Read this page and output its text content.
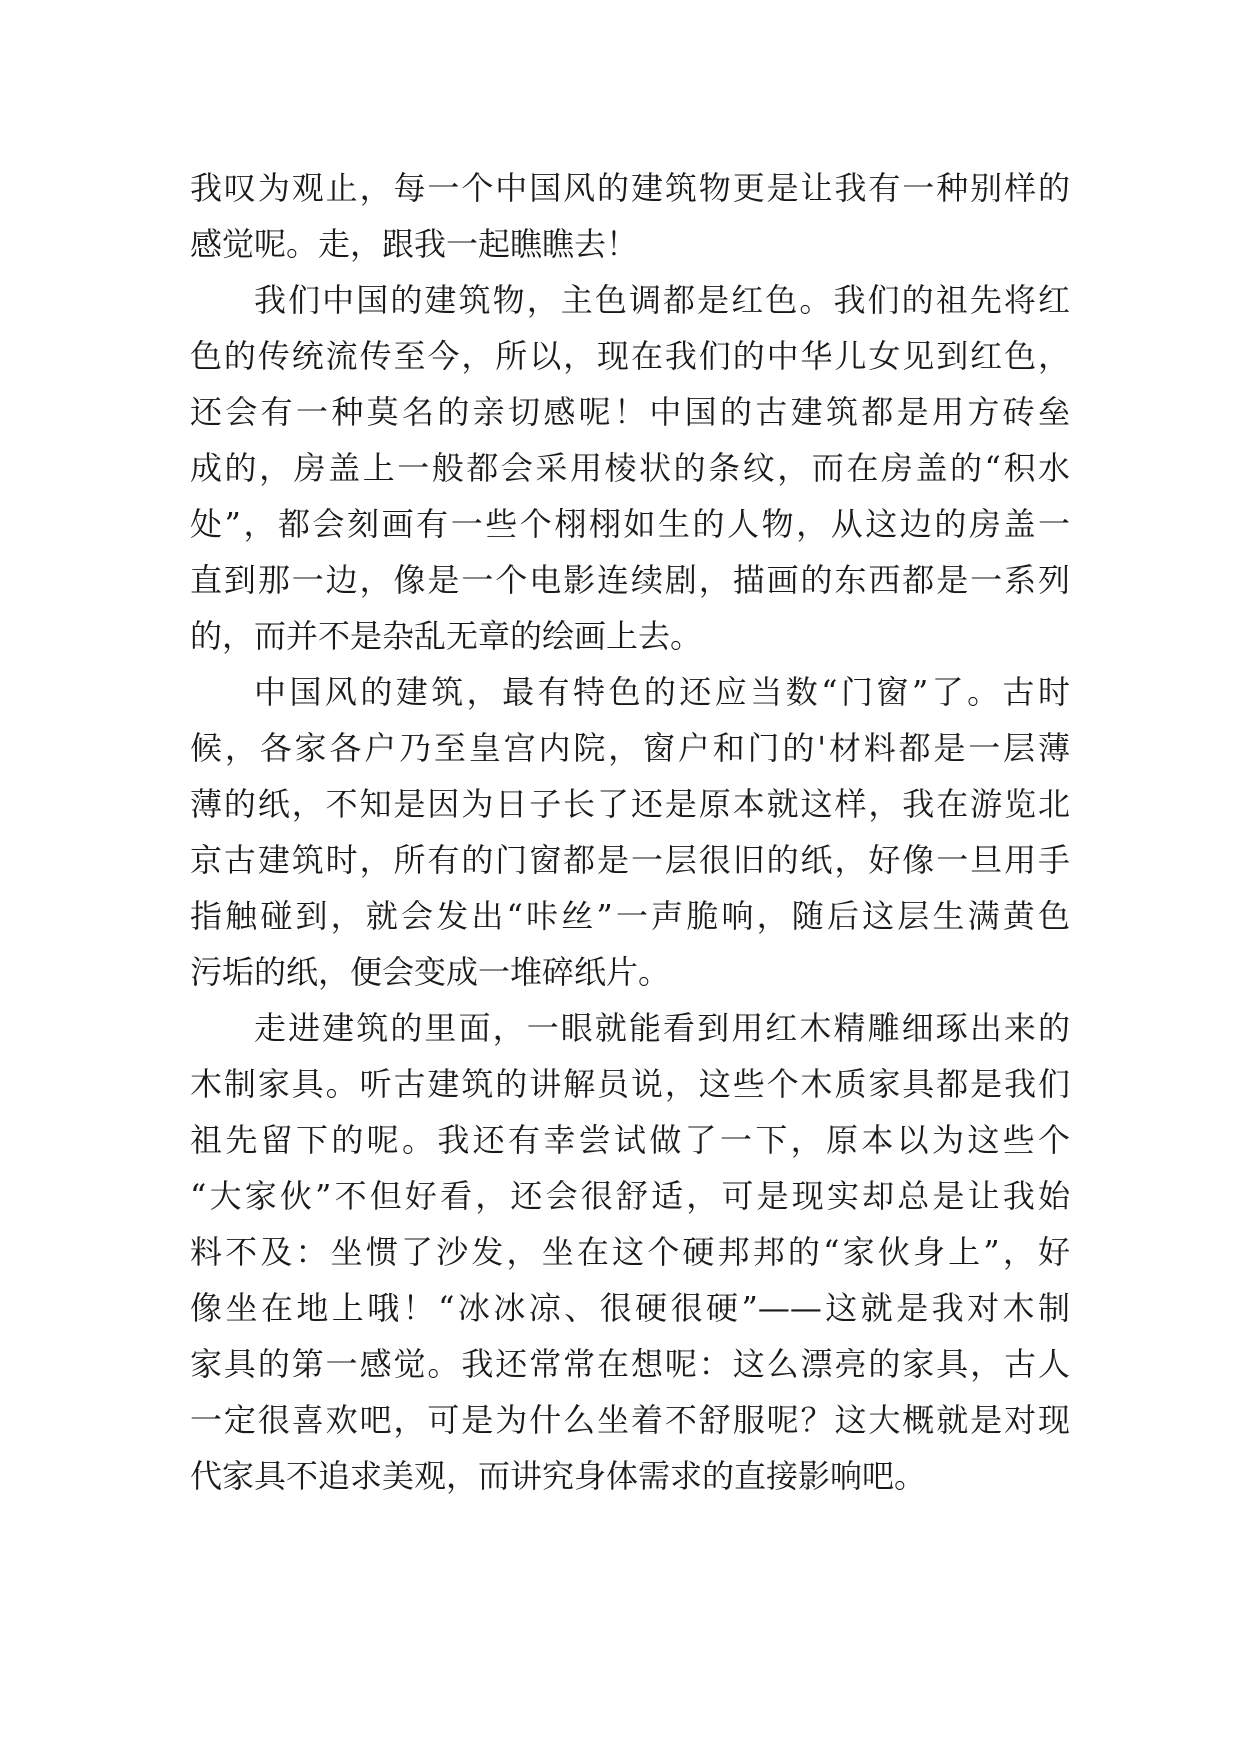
我叹为观止，每一个中国风的建筑物更是让我有一种别样的
感觉呢。走，跟我一起瞧瞧去！
我们中国的建筑物，主色调都是红色。我们的祖先将红
色的传统流传至今，所以，现在我们的中华儿女见到红色，
还会有一种莫名的亲切感呢！中国的古建筑都是用方砖垒
成的，房盖上一般都会采用棱状的条纹，而在房盖的“积水
处”，都会刻画有一些个栩栩如生的人物，从这边的房盖一
直到那一边，像是一个电影连续剧，描画的东西都是一系列
的，而并不是杂乱无章的绘画上去。
中国风的建筑，最有特色的还应当数“门窗”了。古时
候，各家各户乃至皇宫内院，窗户和门的'材料都是一层薄
薄的纸，不知是因为日子长了还是原本就这样，我在游览北
京古建筑时，所有的门窗都是一层很旧的纸，好像一旦用手
指触碰到，就会发出“咔丝”一声脆响，随后这层生满黄色
污垢的纸，便会变成一堆碎纸片。
走进建筑的里面，一眼就能看到用红木精雕细琢出来的
木制家具。听古建筑的讲解员说，这些个木质家具都是我们
祖先留下的呢。我还有幸尝试做了一下，原本以为这些个
“大家伙”不但好看，还会很舒适，可是现实却总是让我始
料不及：坐惯了沙发，坐在这个硬邦邦的“家伙身上”，好
像坐在地上哦！“冰冰凉、很硬很硬”——这就是我对木制
家具的第一感觉。我还常常在想呢：这么漂亮的家具，古人
一定很喜欢吧，可是为什么坐着不舒服呢？这大概就是对现
代家具不追求美观，而讲究身体需求的直接影响吧。
